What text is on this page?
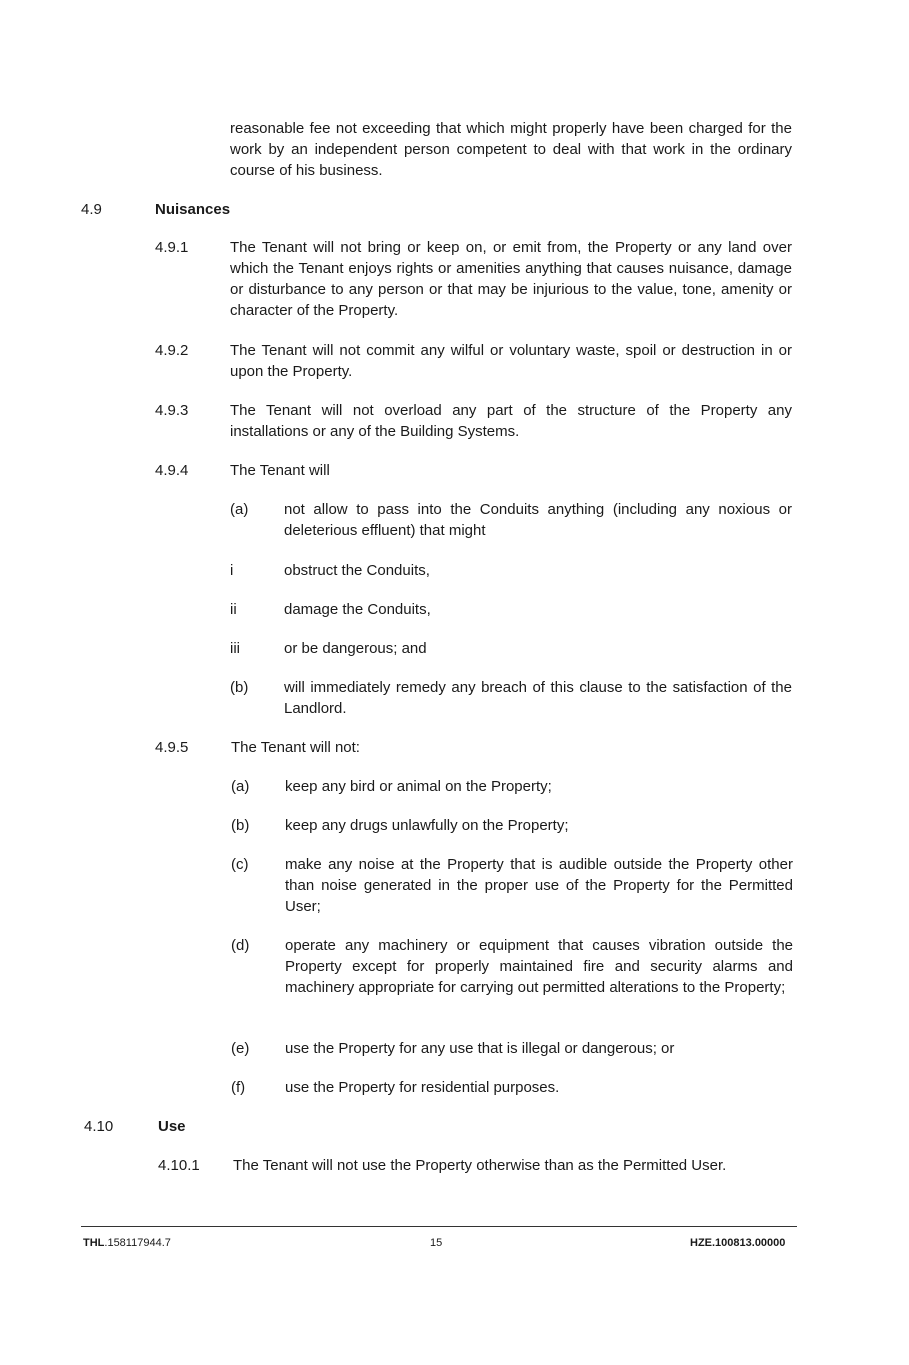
reasonable fee not exceeding that which might properly have been charged for the work by an independent person competent to deal with that work in the ordinary course of his business.

4.9	Nuisances
4.9.1	The Tenant will not bring or keep on, or emit from, the Property or any land over which the Tenant enjoys rights or amenities anything that causes nuisance, damage or disturbance to any person or that may be injurious to the value, tone, amenity or character of the Property.

4.9.2	The Tenant will not commit any wilful or voluntary waste, spoil or destruction in or upon the Property.

4.9.3	The Tenant will not overload any part of the structure of the Property any installations or any of the Building Systems.

4.9.4	The Tenant will

(a) not allow to pass into the Conduits anything (including any noxious or deleterious effluent) that might

i	obstruct the Conduits,

ii	damage the Conduits,

iii	or be dangerous; and

(b) will immediately remedy any breach of this clause to the satisfaction of the Landlord.

4.9.5	The Tenant will not:

(a) keep any bird or animal on the Property;

(b) keep any drugs unlawfully on the Property;

(c) make any noise at the Property that is audible outside the Property other than noise generated in the proper use of the Property for the Permitted User;

(d) operate any machinery or equipment that causes vibration outside the Property except for properly maintained fire and security alarms and machinery appropriate for carrying out permitted alterations to the Property;

(e) use the Property for any use that is illegal or dangerous; or

(f)	use the Property for residential purposes.

4.10	Use
4.10.1 The Tenant will not use the Property otherwise than as the Permitted User.

THL.158117944.7	15	HZE.100813.00000
